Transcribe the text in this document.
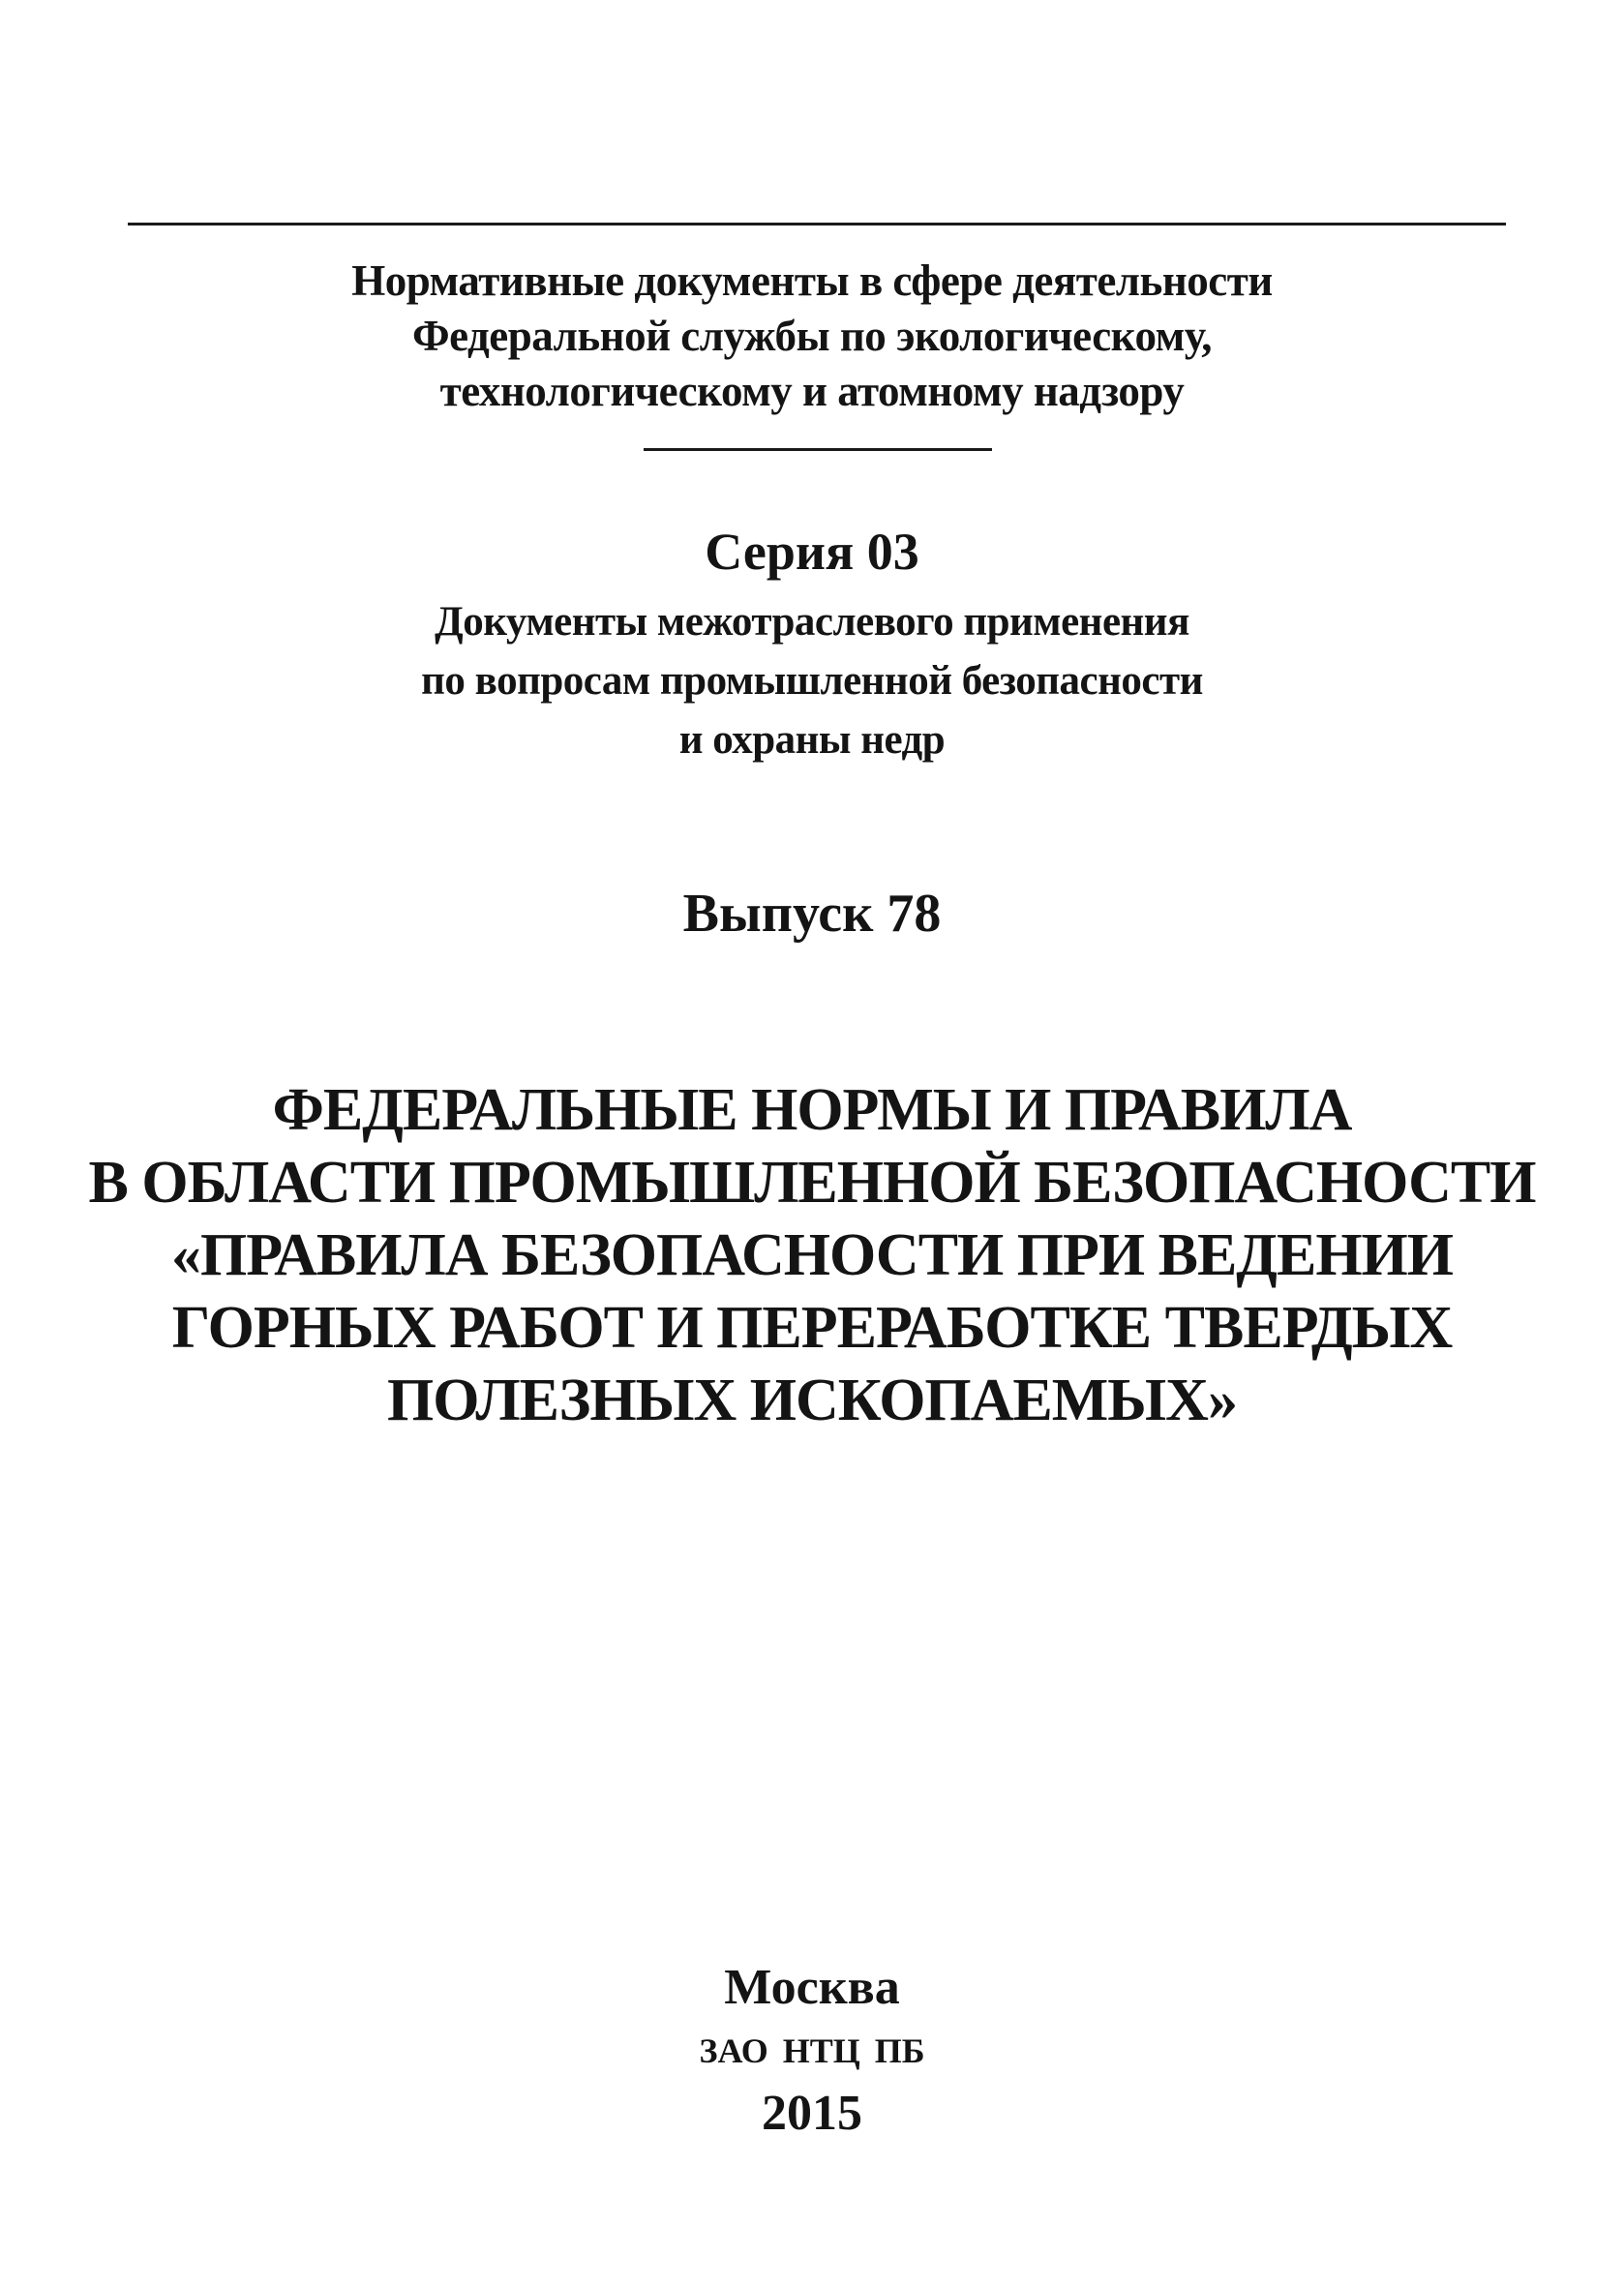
Нормативные документы в сфере деятельности
Федеральной службы по экологическому,
технологическому и атомному надзору
Серия 03
Документы межотраслевого применения
по вопросам промышленной безопасности
и охраны недр
Выпуск 78
ФЕДЕРАЛЬНЫЕ НОРМЫ И ПРАВИЛА
В ОБЛАСТИ ПРОМЫШЛЕННОЙ БЕЗОПАСНОСТИ
«ПРАВИЛА БЕЗОПАСНОСТИ ПРИ ВЕДЕНИИ
ГОРНЫХ РАБОТ И ПЕРЕРАБОТКЕ ТВЕРДЫХ
ПОЛЕЗНЫХ ИСКОПАЕМЫХ»
Москва
ЗАО НТЦ ПБ
2015
